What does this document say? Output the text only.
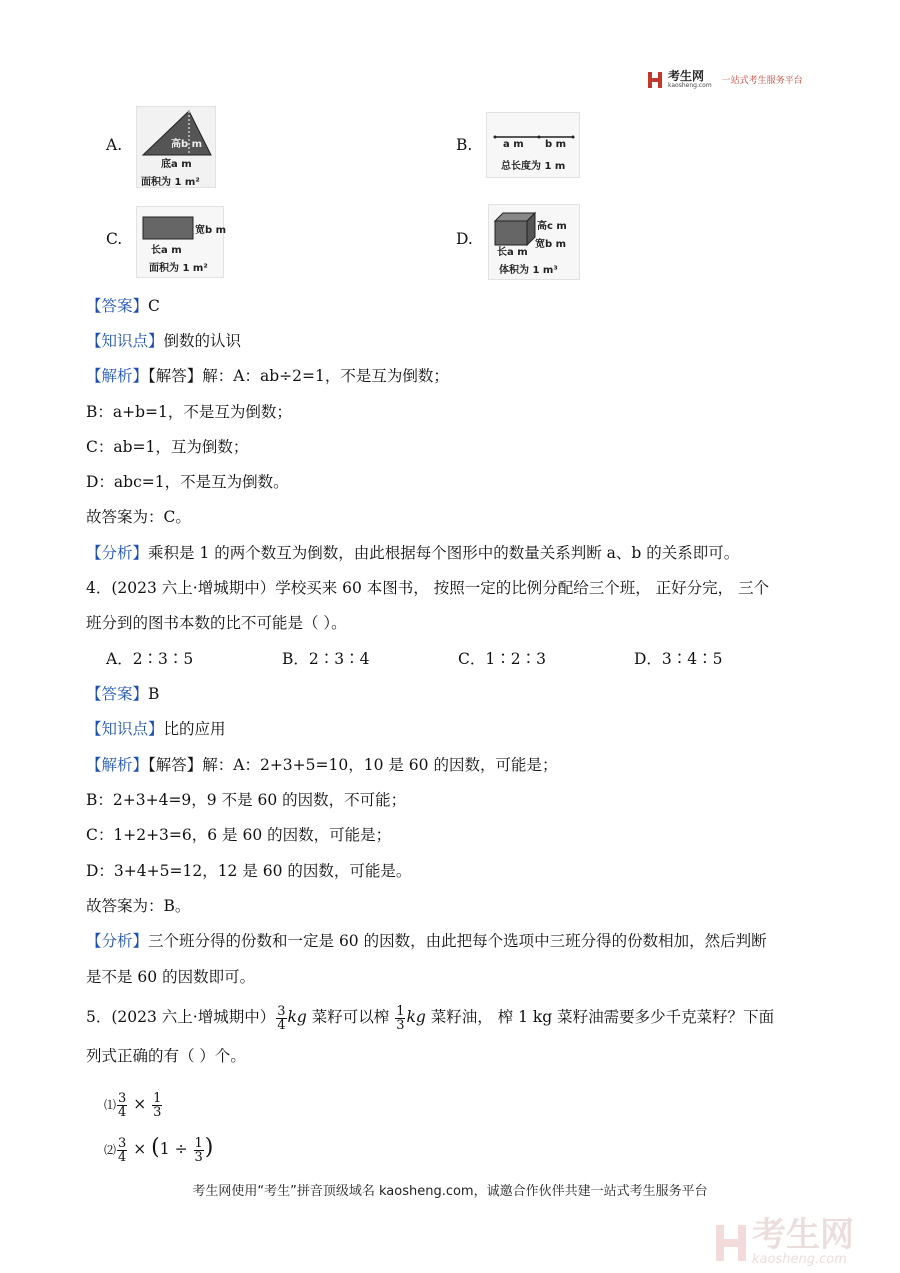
考生网
kaosheng.com 一站式考生服务平台
A.	高b m
底a m
面积为 1 m²
B.	a m b m
总长度为 1 m
C.	宽b m
长a m
面积为 1 m²
D.
高c m
宽b m
长a m
体积为 1 m³
【答案】C
【知识点】倒数的认识
【解析】【解答】解：A：ab÷2=1，不是互为倒数；
B：a+b=1，不是互为倒数；
C：ab=1，互为倒数；
D：abc=1，不是互为倒数。
故答案为：C。
【分析】乘积是 1 的两个数互为倒数，由此根据每个图形中的数量关系判断 a、b 的关系即可。
4．(2023 六上·增城期中）学校买来 60 本图书， 按照一定的比例分配给三个班， 正好分完， 三个
班分到的图书本数的比不可能是（ ）。
A．2∶3∶5	B．2∶3∶4	C．1∶2∶3	D．3∶4∶5
【答案】B
【知识点】比的应用
【解析】【解答】解：A：2+3+5=10，10 是 60 的因数，可能是；
B：2+3+4=9，9 不是 60 的因数，不可能；
C：1+2+3=6，6 是 60 的因数，可能是；
D：3+4+5=12，12 是 60 的因数，可能是。
故答案为：B。
【分析】三个班分得的份数和一定是 60 的因数，由此把每个选项中三班分得的份数相加，然后判断
是不是 60 的因数即可。
5．(2023 六上·增城期中） $\frac{3}{4}$ kg 菜籽可以榨 $\frac{1}{3}$ kg 菜籽油， 榨 1 kg 菜籽油需要多少千克菜籽？下面
列式正确的有（ ）个。
⑴ $\frac{3}{4} \times \frac{1}{3}$
⑵ $\frac{3}{4} \times (1 \div \frac{1}{3}$ )
考生网使用“考生”拼音顶级域名 kaosheng.com，诚邀合作伙伴共建一站式考生服务平台
考生网
kaosheng.com
